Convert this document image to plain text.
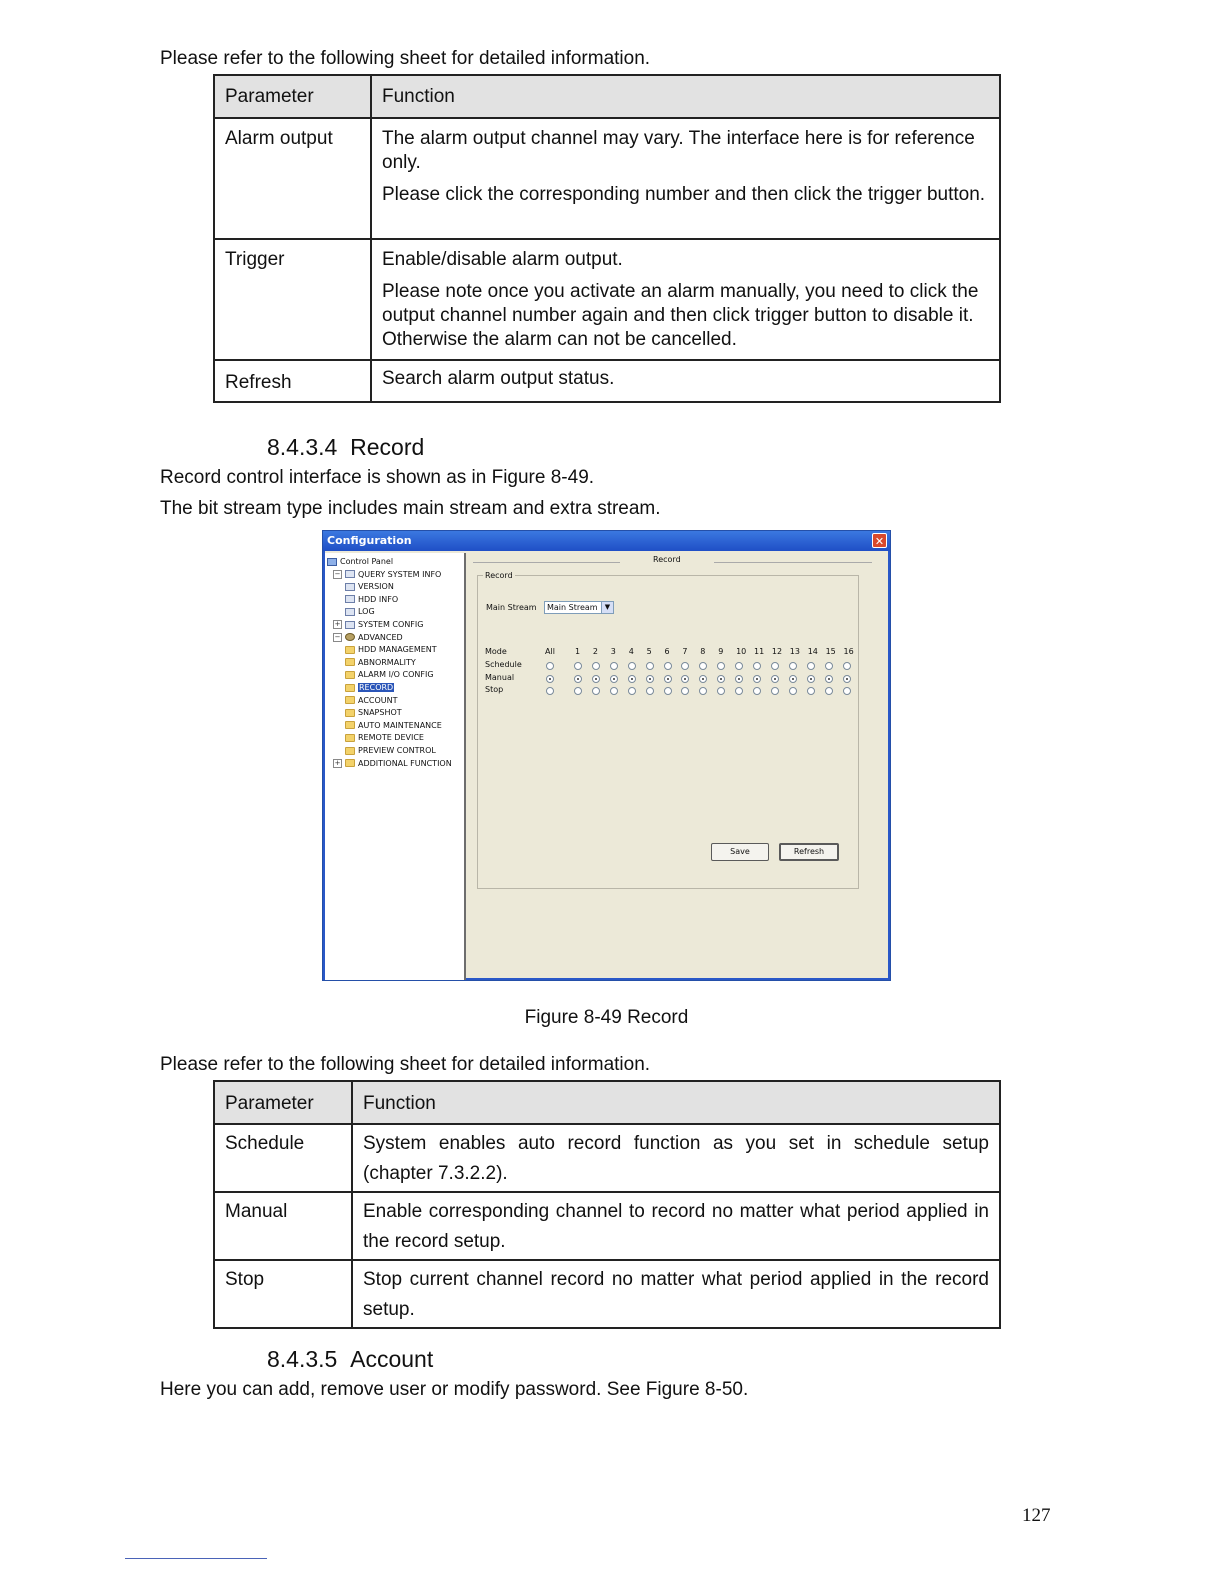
Please refer to the following sheet for detailed information.
Parameter	Function
Alarm output	The alarm output channel may vary. The interface here is for reference only.

Please click the corresponding number and then click the trigger button.

Trigger	Enable/disable alarm output.

Please note once you activate an alarm manually, you need to click the output channel number again and then click trigger button to disable it. Otherwise the alarm can not be cancelled.

Refresh	Search alarm output status.

8.4.3.4 Record
Record control interface is shown as in Figure 8-49.
The bit stream type includes main stream and extra stream.
Configuration	✕
Control Panel
− QUERY SYSTEM INFO
VERSION
HDD INFO
LOG
+ SYSTEM CONFIG
− ADVANCED
HDD MANAGEMENT
ABNORMALITY
ALARM I/O CONFIG
RECORD
ACCOUNT
SNAPSHOT
AUTO MAINTENANCE
REMOTE DEVICE
PREVIEW CONTROL
+ ADDITIONAL FUNCTION
Record
Record
Main Stream	Main Stream	▼
Mode	All	1 2 3 4 5 6 7 8 9 10 11 12 13 14 15 16
Schedule
Manual
Stop
Save	Refresh
Figure 8-49 Record
Please refer to the following sheet for detailed information.
Parameter	Function
Schedule	System enables auto record function as you set in schedule setup (chapter 7.3.2.2).
Manual	Enable corresponding channel to record no matter what period applied in the record setup.
Stop	Stop current channel record no matter what period applied in the record setup.
8.4.3.5 Account
Here you can add, remove user or modify password. See Figure 8-50.
127
